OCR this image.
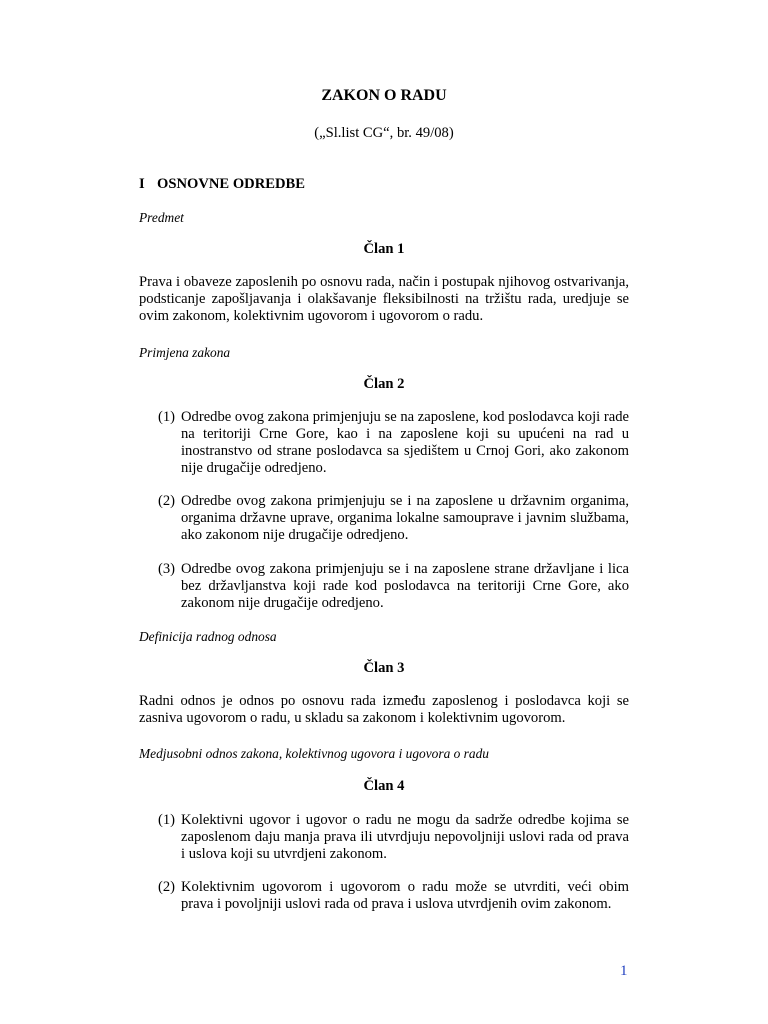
ZAKON O RADU
(„Sl.list CG“, br. 49/08)
I OSNOVNE ODREDBE
Predmet
Član 1
Prava i obaveze zaposlenih po osnovu rada, način i postupak njihovog ostvarivanja, podsticanje zapošljavanja i olakšavanje fleksibilnosti na tržištu rada, uredjuje se ovim zakonom, kolektivnim ugovorom i ugovorom o radu.
Primjena zakona
Član 2
(1) Odredbe ovog zakona primjenjuju se na zaposlene, kod poslodavca koji rade na teritoriji Crne Gore, kao i na zaposlene koji su upućeni na rad u inostranstvo od strane poslodavca sa sjedištem u Crnoj Gori, ako zakonom nije drugačije odredjeno.
(2) Odredbe ovog zakona primjenjuju se i na zaposlene u državnim organima, organima državne uprave, organima lokalne samouprave i javnim službama, ako zakonom nije drugačije odredjeno.
(3) Odredbe ovog zakona primjenjuju se i na zaposlene strane državljane i lica bez državljanstva koji rade kod poslodavca na teritoriji Crne Gore, ako zakonom nije drugačije odredjeno.
Definicija radnog odnosa
Član 3
Radni odnos je odnos po osnovu rada između zaposlenog i poslodavca koji se zasniva ugovorom o radu, u skladu sa zakonom i kolektivnim ugovorom.
Medjusobni odnos zakona, kolektivnog ugovora i ugovora o radu
Član 4
(1) Kolektivni ugovor i ugovor o radu ne mogu da sadrže odredbe kojima se zaposlenom daju manja prava ili utvrdjuju nepovoljniji uslovi rada od prava i uslova koji su utvrdjeni zakonom.
(2) Kolektivnim ugovorom i ugovorom o radu može se utvrditi, veći obim prava i povoljniji uslovi rada od prava i uslova utvrdjenih ovim zakonom.
1
